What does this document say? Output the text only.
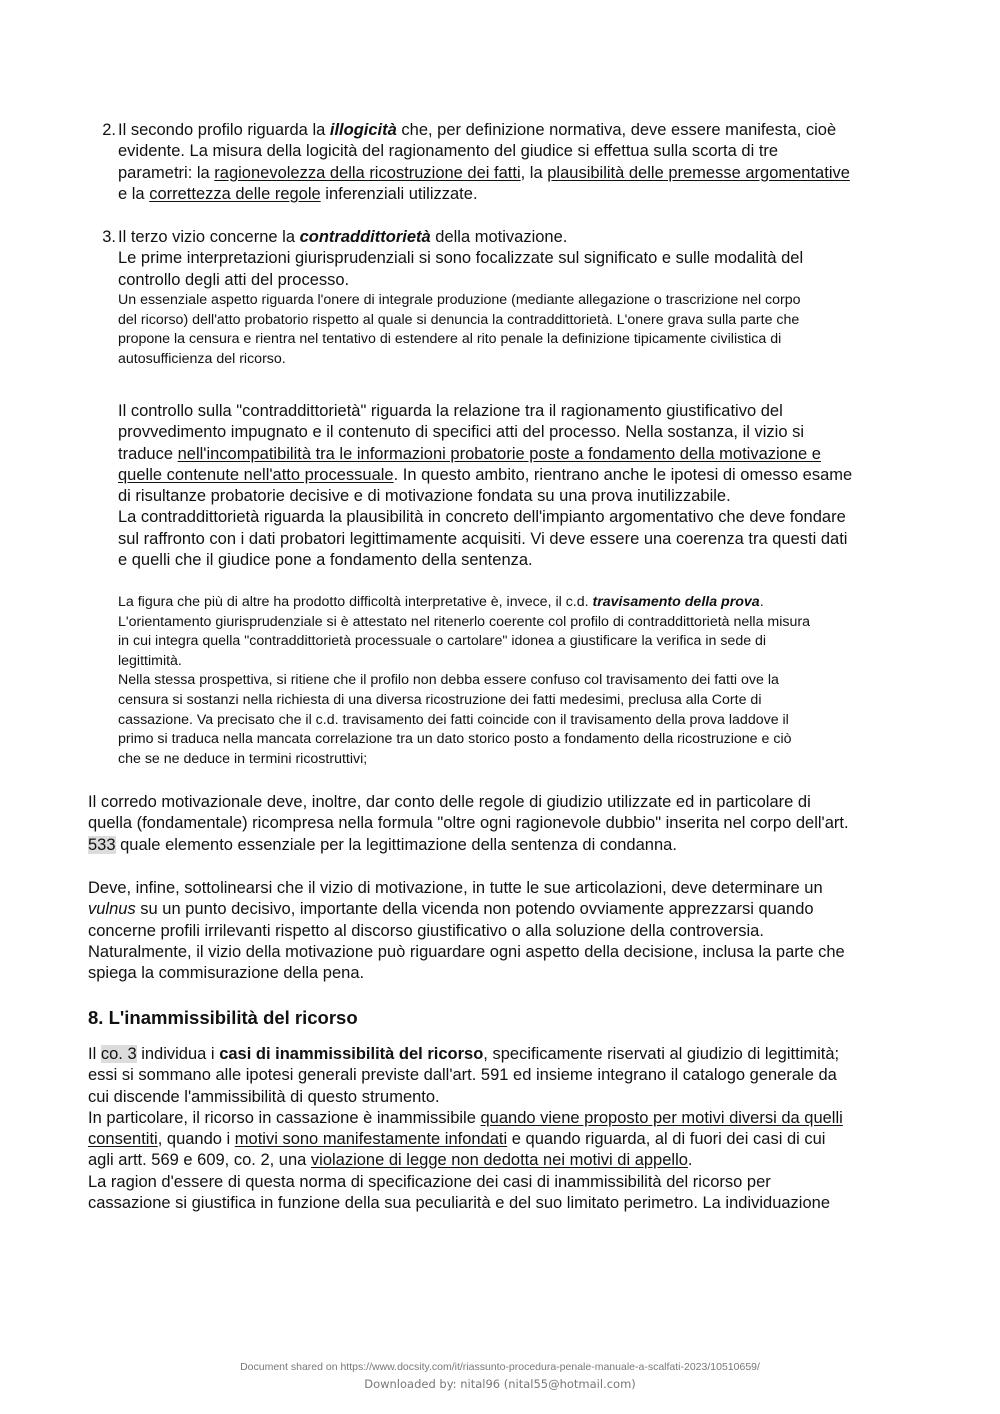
2. Il secondo profilo riguarda la illogicità che, per definizione normativa, deve essere manifesta, cioè
evidente. La misura della logicità del ragionamento del giudice si effettua sulla scorta di tre
parametri: la ragionevolezza della ricostruzione dei fatti, la plausibilità delle premesse argomentative
e la correttezza delle regole inferenziali utilizzate.
3. Il terzo vizio concerne la contraddittorietà della motivazione.
Le prime interpretazioni giurisprudenziali si sono focalizzate sul significato e sulle modalità del
controllo degli atti del processo.
Un essenziale aspetto riguarda l'onere di integrale produzione (mediante allegazione o trascrizione nel corpo
del ricorso) dell'atto probatorio rispetto al quale si denuncia la contraddittorietà. L'onere grava sulla parte che
propone la censura e rientra nel tentativo di estendere al rito penale la definizione tipicamente civilistica di
autosufficienza del ricorso.
Il controllo sulla "contraddittorietà" riguarda la relazione tra il ragionamento giustificativo del
provvedimento impugnato e il contenuto di specifici atti del processo. Nella sostanza, il vizio si
traduce nell'incompatibilità tra le informazioni probatorie poste a fondamento della motivazione e
quelle contenute nell'atto processuale. In questo ambito, rientrano anche le ipotesi di omesso esame
di risultanze probatorie decisive e di motivazione fondata su una prova inutilizzabile.
La contraddittorietà riguarda la plausibilità in concreto dell'impianto argomentativo che deve fondare
sul raffronto con i dati probatori legittimamente acquisiti. Vi deve essere una coerenza tra questi dati
e quelli che il giudice pone a fondamento della sentenza.
La figura che più di altre ha prodotto difficoltà interpretative è, invece, il c.d. travisamento della prova.
L'orientamento giurisprudenziale si è attestato nel ritenerlo coerente col profilo di contraddittorietà nella misura
in cui integra quella "contraddittorietà processuale o cartolare" idonea a giustificare la verifica in sede di
legittimità.
Nella stessa prospettiva, si ritiene che il profilo non debba essere confuso col travisamento dei fatti ove la
censura si sostanzi nella richiesta di una diversa ricostruzione dei fatti medesimi, preclusa alla Corte di
cassazione. Va precisato che il c.d. travisamento dei fatti coincide con il travisamento della prova laddove il
primo si traduca nella mancata correlazione tra un dato storico posto a fondamento della ricostruzione e ciò
che se ne deduce in termini ricostruttivi;
Il corredo motivazionale deve, inoltre, dar conto delle regole di giudizio utilizzate ed in particolare di
quella (fondamentale) ricompresa nella formula "oltre ogni ragionevole dubbio" inserita nel corpo dell'art.
533 quale elemento essenziale per la legittimazione della sentenza di condanna.
Deve, infine, sottolinearsi che il vizio di motivazione, in tutte le sue articolazioni, deve determinare un
vulnus su un punto decisivo, importante della vicenda non potendo ovviamente apprezzarsi quando
concerne profili irrilevanti rispetto al discorso giustificativo o alla soluzione della controversia.
Naturalmente, il vizio della motivazione può riguardare ogni aspetto della decisione, inclusa la parte che
spiega la commisurazione della pena.
8. L'inammissibilità del ricorso
Il co. 3 individua i casi di inammissibilità del ricorso, specificamente riservati al giudizio di legittimità;
essi si sommano alle ipotesi generali previste dall'art. 591 ed insieme integrano il catalogo generale da
cui discende l'ammissibilità di questo strumento.
In particolare, il ricorso in cassazione è inammissibile quando viene proposto per motivi diversi da quelli
consentiti, quando i motivi sono manifestamente infondati e quando riguarda, al di fuori dei casi di cui
agli artt. 569 e 609, co. 2, una violazione di legge non dedotta nei motivi di appello.
La ragion d'essere di questa norma di specificazione dei casi di inammissibilità del ricorso per
cassazione si giustifica in funzione della sua peculiarità e del suo limitato perimetro. La individuazione
Document shared on https://www.docsity.com/it/riassunto-procedura-penale-manuale-a-scalfati-2023/10510659/
Downloaded by: nital96 (nital55@hotmail.com)
